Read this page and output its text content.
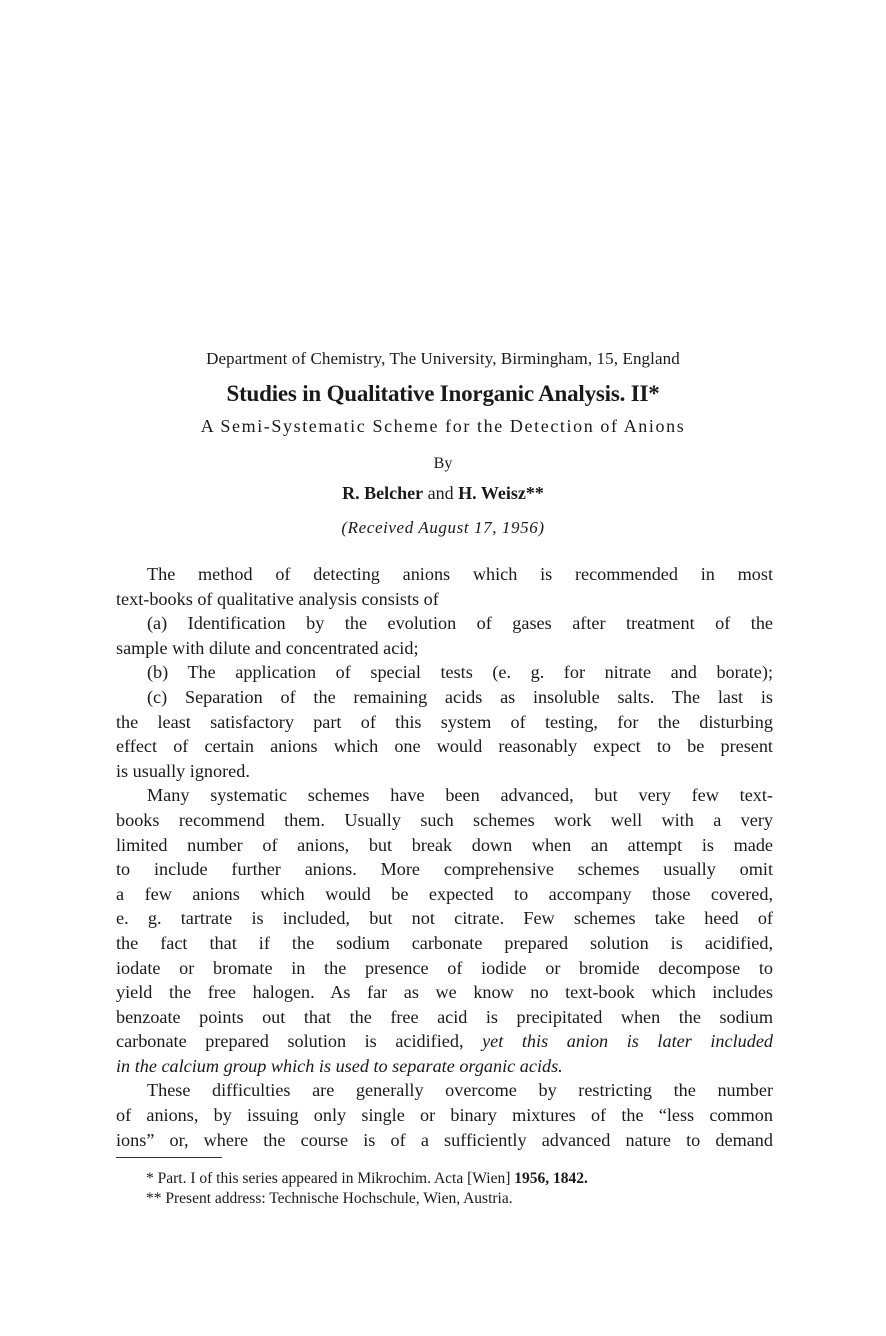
Department of Chemistry, The University, Birmingham, 15, England
Studies in Qualitative Inorganic Analysis. II*
A Semi-Systematic Scheme for the Detection of Anions
By
R. Belcher and H. Weisz**
(Received August 17, 1956)
The method of detecting anions which is recommended in most
text-books of qualitative analysis consists of
(a) Identification by the evolution of gases after treatment of the
sample with dilute and concentrated acid;
(b) The application of special tests (e. g. for nitrate and borate);
(c) Separation of the remaining acids as insoluble salts. The last is
the least satisfactory part of this system of testing, for the disturbing
effect of certain anions which one would reasonably expect to be present
is usually ignored.
Many systematic schemes have been advanced, but very few text-
books recommend them. Usually such schemes work well with a very
limited number of anions, but break down when an attempt is made
to include further anions. More comprehensive schemes usually omit
a few anions which would be expected to accompany those covered,
e. g. tartrate is included, but not citrate. Few schemes take heed of
the fact that if the sodium carbonate prepared solution is acidified,
iodate or bromate in the presence of iodide or bromide decompose to
yield the free halogen. As far as we know no text-book which includes
benzoate points out that the free acid is precipitated when the sodium
carbonate prepared solution is acidified, yet this anion is later included
in the calcium group which is used to separate organic acids.
These difficulties are generally overcome by restricting the number
of anions, by issuing only single or binary mixtures of the “less common
ions” or, where the course is of a sufficiently advanced nature to demand
* Part. I of this series appeared in Mikrochim. Acta [Wien] 1956, 1842.
** Present address: Technische Hochschule, Wien, Austria.
